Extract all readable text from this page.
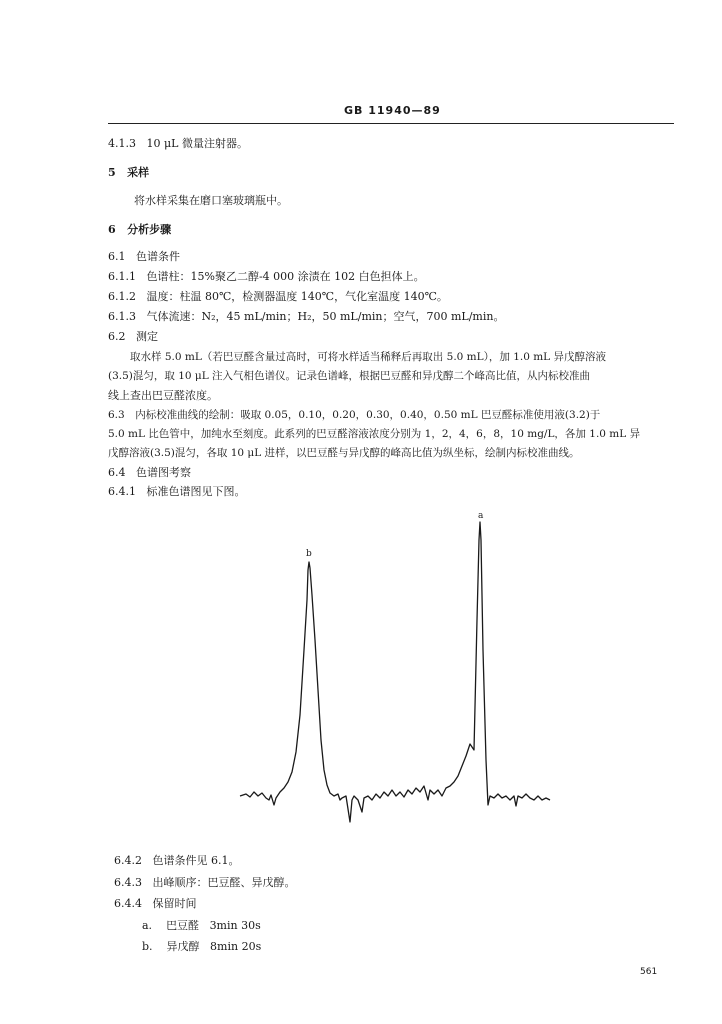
GB 11940—89
4.1.3 10 μL 微量注射器。
5 采样
将水样采集在磨口塞玻璃瓶中。
6 分析步骤
6.1 色谱条件
6.1.1 色谱柱：15%聚乙二醇-4 000 涂渍在 102 白色担体上。
6.1.2 温度：柱温 80℃，检测器温度 140℃，气化室温度 140℃。
6.1.3 气体流速：N₂，45 mL/min；H₂，50 mL/min；空气，700 mL/min。
6.2 测定
取水样 5.0 mL（若巴豆醛含量过高时，可将水样适当稀释后再取出 5.0 mL），加 1.0 mL 异戊醇溶液
(3.5)混匀，取 10 μL 注入气相色谱仪。记录色谱峰，根据巴豆醛和异戊醇二个峰高比值，从内标校准曲
线上查出巴豆醛浓度。
6.3　内标校准曲线的绘制：吸取 0.05，0.10，0.20，0.30，0.40，0.50 mL 巴豆醛标准使用液(3.2)于
5.0 mL 比色管中，加纯水至刻度。此系列的巴豆醛溶液浓度分别为 1，2，4，6，8，10 mg/L，各加 1.0 mL 异
戊醇溶液(3.5)混匀，各取 10 μL 进样，以巴豆醛与异戊醇的峰高比值为纵坐标，绘制内标校准曲线。
6.4 色谱图考察
6.4.1 标准色谱图见下图。
b
a
6.4.2 色谱条件见 6.1。
6.4.3 出峰顺序：巴豆醛、异戊醇。
6.4.4 保留时间
a. 巴豆醛 3min 30s
b. 异戊醇 8min 20s
561
